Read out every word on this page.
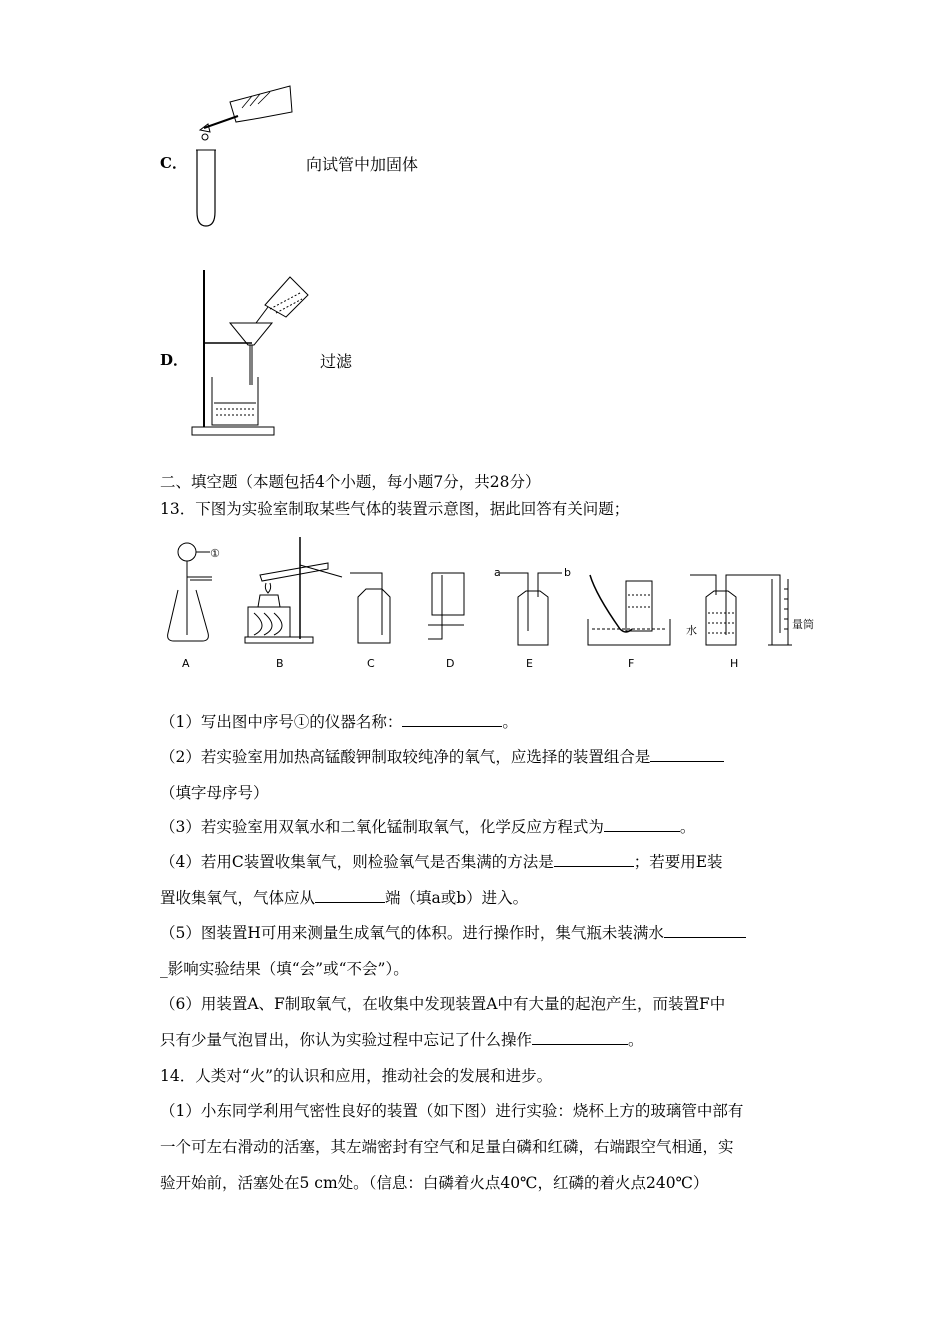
C．	向试管中加固体
D．	过滤
二、填空题（本题包括4个小题，每小题7分，共28分）
13．下图为实验室制取某些气体的装置示意图，据此回答有关问题；
①
a	b
水	量筒
A	B	C	D	E	F	H
（1）写出图中序号①的仪器名称：	。
（2）若实验室用加热高锰酸钾制取较纯净的氧气，应选择的装置组合是
（填字母序号）
（3）若实验室用双氧水和二氧化锰制取氧气，化学反应方程式为	。
（4）若用C装置收集氧气，则检验氧气是否集满的方法是	；若要用E装
置收集氧气，气体应从	端（填a或b）进入。
（5）图装置H可用来测量生成氧气的体积。进行操作时，集气瓶未装满水
_影响实验结果（填“会”或“不会”）。
（6）用装置A、F制取氧气，在收集中发现装置A中有大量的起泡产生，而装置F中
只有少量气泡冒出，你认为实验过程中忘记了什么操作	。
14．人类对“火”的认识和应用，推动社会的发展和进步。
（1）小东同学利用气密性良好的装置（如下图）进行实验：烧杯上方的玻璃管中部有
一个可左右滑动的活塞，其左端密封有空气和足量白磷和红磷，右端跟空气相通，实
验开始前，活塞处在5 cm处。（信息：白磷着火点40℃，红磷的着火点240℃）
